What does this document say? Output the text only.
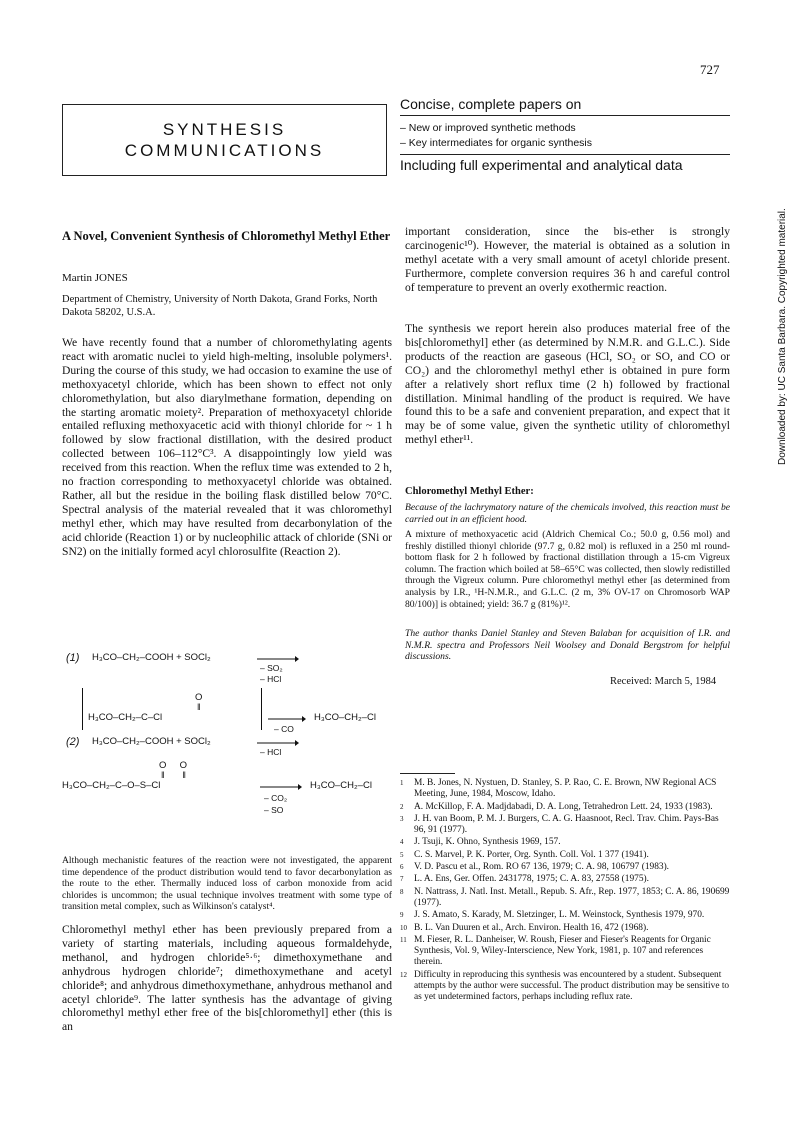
727
SYNTHESIS
COMMUNICATIONS
Concise, complete papers on
– New or improved synthetic methods
– Key intermediates for organic synthesis
Including full experimental and analytical data
A Novel, Convenient Synthesis of Chloromethyl Methyl Ether
Martin JONES
Department of Chemistry, University of North Dakota, Grand Forks, North Dakota 58202, U.S.A.
We have recently found that a number of chloromethylating agents react with aromatic nuclei to yield high-melting, insoluble polymers¹. During the course of this study, we had occasion to examine the use of methoxyacetyl chloride, which has been shown to effect not only chloromethylation, but also diarylmethane formation, depending on the starting aromatic moiety². Preparation of methoxyacetyl chloride entailed refluxing methoxyacetic acid with thionyl chloride for ~ 1 h followed by slow fractional distillation, with the desired product collected between 106–112°C³. A disappointingly low yield was received from this reaction. When the reflux time was extended to 2 h, no fraction corresponding to methoxyacetyl chloride was obtained. Rather, all but the residue in the boiling flask distilled below 70°C. Spectral analysis of the material revealed that it was chloromethyl methyl ether, which may have resulted from decarbonylation of the acid chloride (Reaction 1) or by nucleophilic attack of chloride (SNi or SN2) on the initially formed acyl chlorosulfite (Reaction 2).
(1) H₃CO–CH₂–COOH + SOCl₂
– SO₂
– HCl
O
‖
H₃CO–CH₂–C–Cl
– CO
H₃CO–CH₂–Cl
(2) H₃CO–CH₂–COOH + SOCl₂
– HCl
O     O
‖       ‖
H₃CO–CH₂–C–O–S–Cl
– CO₂
– SO
H₃CO–CH₂–Cl
Although mechanistic features of the reaction were not investigated, the apparent time dependence of the product distribution would tend to favor decarbonylation as the route to the ether. Thermally induced loss of carbon monoxide from acid chlorides is uncommon; the usual technique involves treatment with some type of transition metal complex, such as Wilkinson's catalyst⁴.
Chloromethyl methyl ether has been previously prepared from a variety of starting materials, including aqueous formaldehyde, methanol, and hydrogen chloride⁵·⁶; dimethoxymethane and anhydrous hydrogen chloride⁷; dimethoxymethane and acetyl chloride⁸; and anhydrous dimethoxymethane, anhydrous methanol and acetyl chloride⁹. The latter synthesis has the advantage of giving chloromethyl methyl ether free of the bis[chloromethyl] ether (this is an
important consideration, since the bis-ether is strongly carcinogenic¹⁰). However, the material is obtained as a solution in methyl acetate with a very small amount of acetyl chloride present. Furthermore, complete conversion requires 36 h and careful control of temperature to prevent an overly exothermic reaction.
The synthesis we report herein also produces material free of the bis[chloromethyl] ether (as determined by N.M.R. and G.L.C.). Side products of the reaction are gaseous (HCl, SO₂ or SO, and CO or CO₂) and the chloromethyl methyl ether is obtained in pure form after a relatively short reflux time (2 h) followed by fractional distillation. Minimal handling of the product is required. We have found this to be a safe and convenient preparation, and expect that it may be of some value, given the synthetic utility of chloromethyl methyl ether¹¹.
Chloromethyl Methyl Ether:
Because of the lachrymatory nature of the chemicals involved, this reaction must be carried out in an efficient hood.
A mixture of methoxyacetic acid (Aldrich Chemical Co.; 50.0 g, 0.56 mol) and freshly distilled thionyl chloride (97.7 g, 0.82 mol) is refluxed in a 250 ml round-bottom flask for 2 h followed by fractional distillation through a 15-cm Vigreux column. The fraction which boiled at 58–65°C was collected, then slowly redistilled through the Vigreux column. Pure chloromethyl methyl ether [as determined from analysis by I.R., ¹H-N.M.R., and G.L.C. (2 m, 3% OV-17 on Chromosorb WAP 80/100)] is obtained; yield: 36.7 g (81%)¹².
The author thanks Daniel Stanley and Steven Balaban for acquisition of I.R. and N.M.R. spectra and Professors Neil Woolsey and Donald Bergstrom for helpful discussions.
Received: March 5, 1984
1 M. B. Jones, N. Nystuen, D. Stanley, S. P. Rao, C. E. Brown, NW Regional ACS Meeting, June, 1984, Moscow, Idaho.
2 A. McKillop, F. A. Madjdabadi, D. A. Long, Tetrahedron Lett. 24, 1933 (1983).
3 J. H. van Boom, P. M. J. Burgers, C. A. G. Haasnoot, Recl. Trav. Chim. Pays-Bas 96, 91 (1977).
4 J. Tsuji, K. Ohno, Synthesis 1969, 157.
5 C. S. Marvel, P. K. Porter, Org. Synth. Coll. Vol. 1 377 (1941).
6 V. D. Pascu et al., Rom. RO 67 136, 1979; C. A. 98, 106797 (1983).
7 L. A. Ens, Ger. Offen. 2431778, 1975; C. A. 83, 27558 (1975).
8 N. Nattrass, J. Natl. Inst. Metall., Repub. S. Afr., Rep. 1977, 1853; C. A. 86, 190699 (1977).
9 J. S. Amato, S. Karady, M. Sletzinger, L. M. Weinstock, Synthesis 1979, 970.
10 B. L. Van Duuren et al., Arch. Environ. Health 16, 472 (1968).
11 M. Fieser, R. L. Danheiser, W. Roush, Fieser and Fieser's Reagents for Organic Synthesis, Vol. 9, Wiley-Interscience, New York, 1981, p. 107 and references therein.
12 Difficulty in reproducing this synthesis was encountered by a student. Subsequent attempts by the author were successful. The product distribution may be sensitive to as yet undetermined factors, perhaps including reflux rate.
Downloaded by: UC Santa Barbara. Copyrighted material.
